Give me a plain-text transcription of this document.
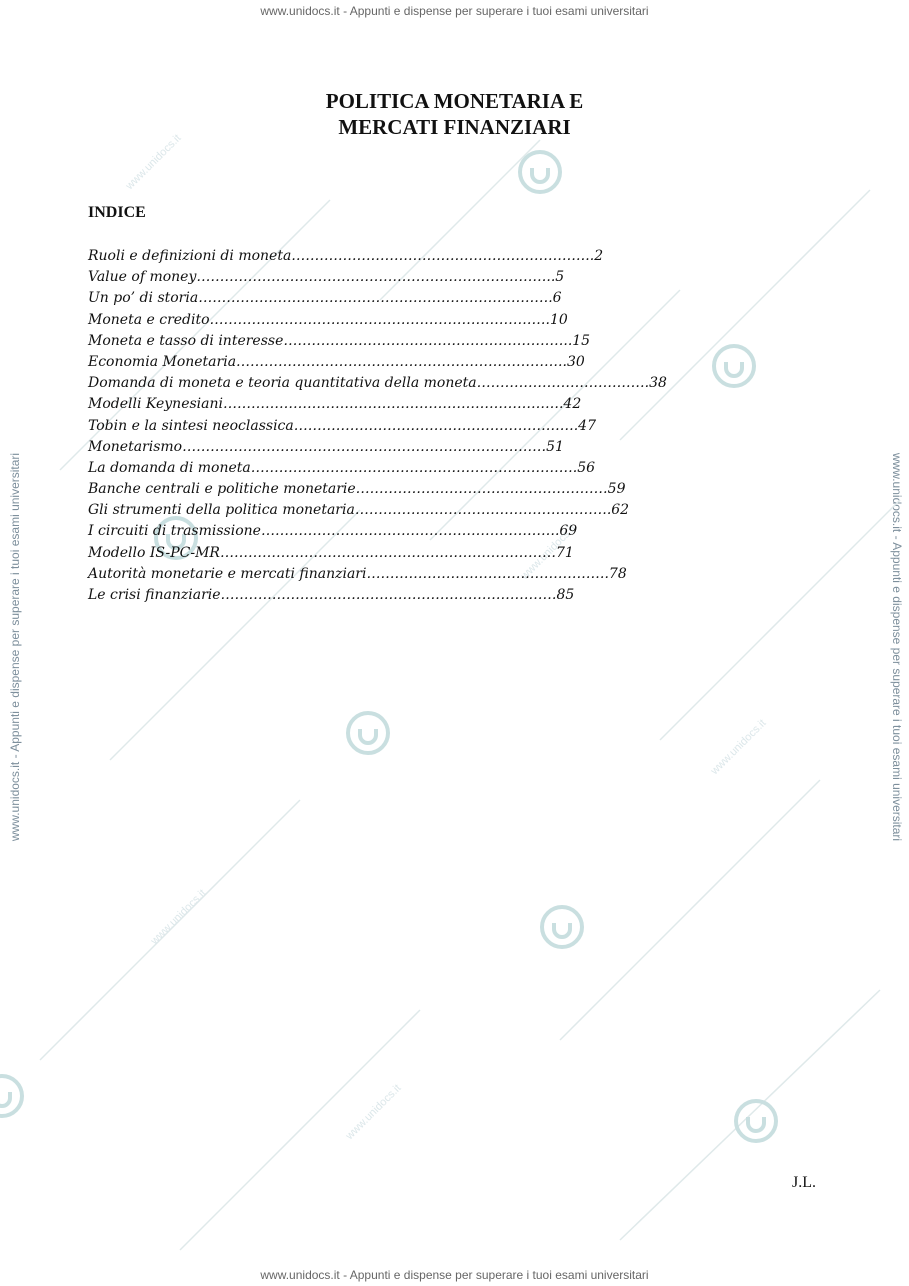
www.unidocs.it - Appunti e dispense per superare i tuoi esami universitari
www.unidocs.it - Appunti e dispense per superare i tuoi esami universitari
www.unidocs.it - Appunti e dispense per superare i tuoi esami universitari	www.unidocs.it - Appunti e dispense per superare i tuoi esami universitari
www.unidocs.it
www.unidocs.it
www.unidocs.it
www.unidocs.it
www.unidocs.it
POLITICA MONETARIA E
MERCATI FINANZIARI
INDICE
Ruoli e definizioni di moneta………………………………………………………..2
Value of money…………………………………………………………………..5
Un po’ di storia………………………………………………………………….6
Moneta e credito……………………………………………………………….10
Moneta e tasso di interesse……………………………………………………..15
Economia Monetaria……………………………………………………………..30
Domanda di moneta e teoria quantitativa della moneta……………………………….38
Modelli Keynesiani……………………………………………………………….42
Tobin e la sintesi neoclassica…………………………………………………….47
Monetarismo……………………………………………………………………51
La domanda di moneta…………………………………………………………….56
Banche centrali e politiche monetarie………………………………………………59
Gli strumenti della politica monetaria……………………………………………….62
I circuiti di trasmissione……………………………………………………….69
Modello IS-PC-MR………………………………………………………………71
Autorità monetarie e mercati finanziari…………………………………………….78
Le crisi finanziarie………………………………………………………………85
J.L.
